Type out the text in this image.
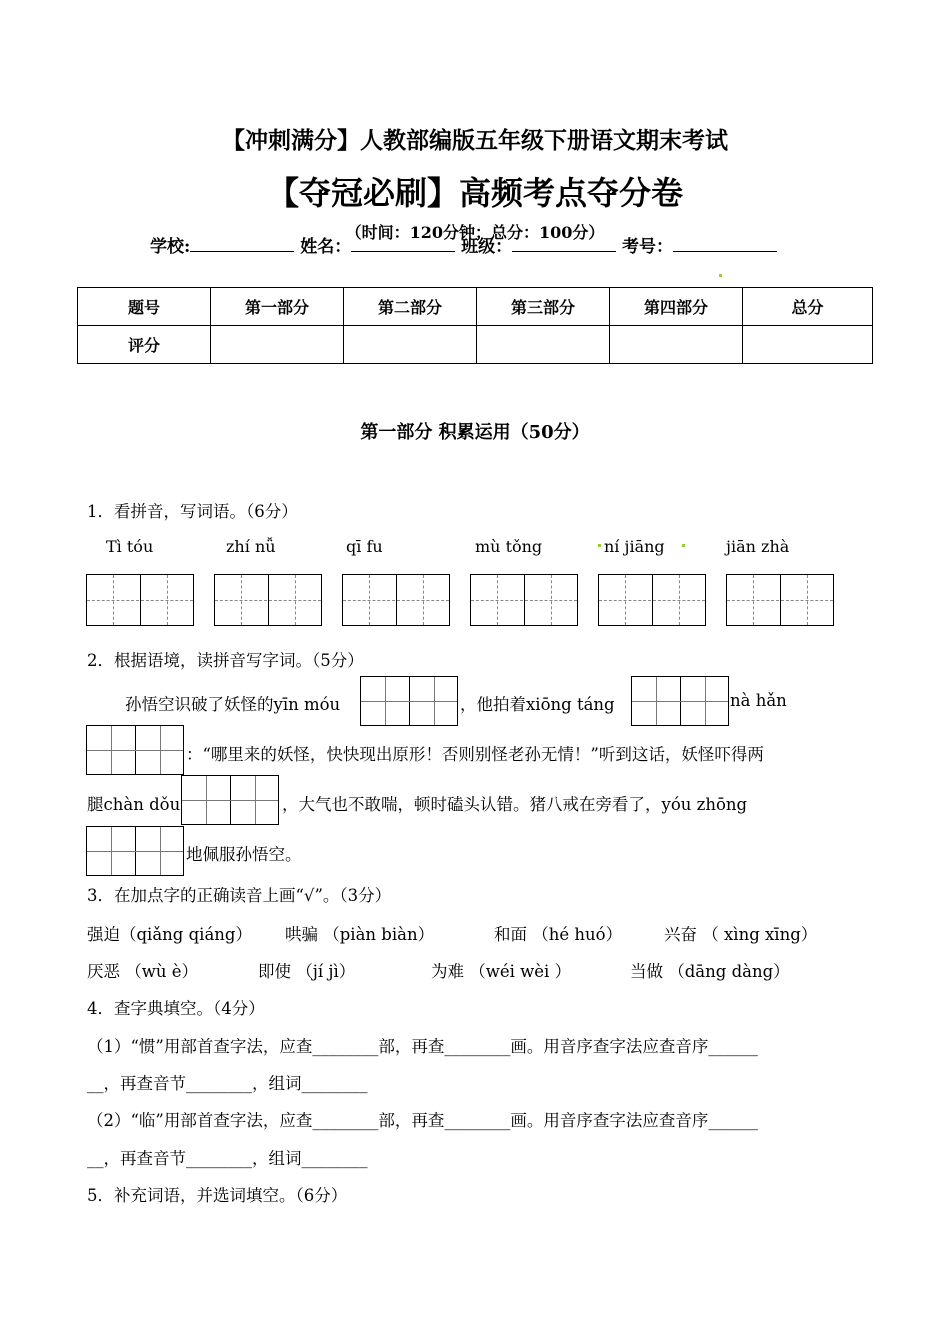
【冲刺满分】人教部编版五年级下册语文期末考试
【夺冠必刷】高频考点夺分卷
（时间：120分钟；总分：100分）
学校:	姓名：	班级：	考号：
题号	第一部分	第二部分	第三部分	第四部分	总分
评分					
第一部分 积累运用（50分）
1．看拼音，写词语。（6分）
Tì tóu	zhí nǚ	qī fu	mù tǒng	ní jiāng	jiān zhà
2．根据语境，读拼音写字词。（5分）
孙悟空识破了妖怪的yīn móu	，他拍着xiōng táng	nà hǎn
：“哪里来的妖怪，快快现出原形！否则别怪老孙无情！”听到这话，妖怪吓得两
腿chàn dǒu	，大气也不敢喘，顿时磕头认错。猪八戒在旁看了，yóu zhōng
地佩服孙悟空。
3．在加点字的正确读音上画“√”。（3分）
强迫（qiǎng qiáng） 哄骗 （piàn biàn）	和面 （hé huó）	兴奋 （ xìng xīng）
厌恶 （wù è）	即使 （jí jì）	为难 （wéi wèi ）	当做 （dāng dàng）
4．查字典填空。（4分）
（1）“惯”用部首查字法，应查________部，再查________画。用音序查字法应查音序______
__，再查音节________，组词________
（2）“临”用部首查字法，应查________部，再查________画。用音序查字法应查音序______
__，再查音节________，组词________
5．补充词语，并选词填空。（6分）
